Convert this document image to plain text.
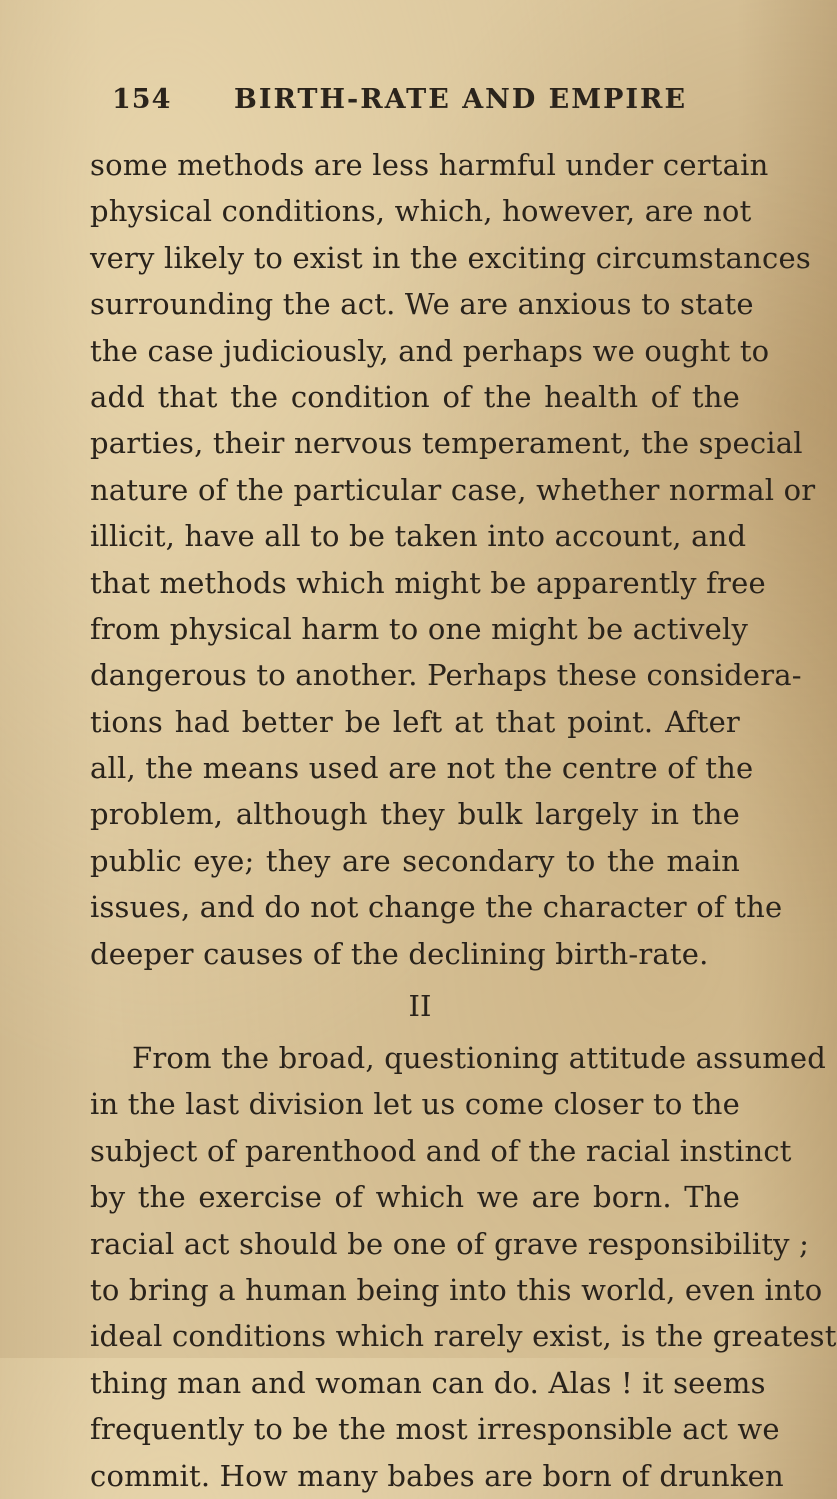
154 BIRTH-RATE AND EMPIRE
some methods are less harmful under certain
physical conditions, which, however, are not
very likely to exist in the exciting circumstances
surrounding the act. We are anxious to state
the case judiciously, and perhaps we ought to
add that the condition of the health of the
parties, their nervous temperament, the special
nature of the particular case, whether normal or
illicit, have all to be taken into account, and
that methods which might be apparently free
from physical harm to one might be actively
dangerous to another. Perhaps these considera-
tions had better be left at that point. After
all, the means used are not the centre of the
problem, although they bulk largely in the
public eye; they are secondary to the main
issues, and do not change the character of the
deeper causes of the declining birth-rate.
II
From the broad, questioning attitude assumed
in the last division let us come closer to the
subject of parenthood and of the racial instinct
by the exercise of which we are born. The
racial act should be one of grave responsibility ;
to bring a human being into this world, even into
ideal conditions which rarely exist, is the greatest
thing man and woman can do. Alas ! it seems
frequently to be the most irresponsible act we
commit. How many babes are born of drunken
